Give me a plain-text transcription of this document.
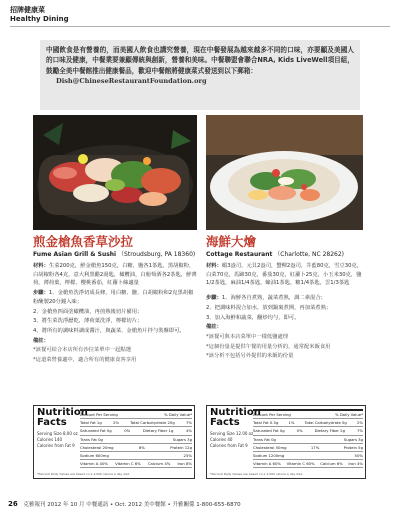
招牌健康菜
Healthy Dining
中國飲食是有營養的，而美國人飲食也講究營養，現在中餐發展為越來越多不同的口味，亦要顧及美國人的口味及健康，中餐業要兼顧傳統與創新，營養和美味。中餐聯盟會聯合NRA, Kids LiveWell項目組，鼓勵全美中餐館推出健康餐品，歡迎中餐館將健康菜式發送到以下郵箱：
Dish@ChineseRestaurantFoundation.org
煎金槍魚香草沙拉
Fume Asian Grill & Sushi （Stroudsburg, PA 18360)
海鮮大燴
Cottage Restaurant （Charlotte, NC 28262)

材料：生菜200克，鮮金槍魚150克，白糖，鹽各1茶匙，黑胡椒粉，白胡椒粉各4克，意大利黑醋2湯匙，橄欖油，白葡萄酒各2茶匙，鮮薄荷，薄荷葉，檸檬，櫻桃番茄，紅蘿卜絲適量

步驟：1、金槍魚洗淨切成長條，用白糖、鹽、白胡椒粉和2克黑胡椒粉醃製20分鐘入味；

2、金槍魚四面塗橄欖油，再煎熟後切片備用；

3、將生菜洗淨瀝乾，薄荷葉洗淨，檸檬切片；

4、將所有的調味料調成醬汁，與蔬菜、金槍魚片拌勻裝盤即可。

備註：

*該餐可結合本店所有沙拉菜單中一起點選

*這道菜營養適中，適合所有的健康食客享用

材料：蝦3盎司，元貝2盎司，蟹柳2盎司，芥藍80克，雪豆30克，白菜70克，馬蹄30克，番茄30克，紅蘿卜25克，小玉米30克，鹽1/2茶匙，麻油1/4茶匙，蠔油1茶匙，糖1/4茶匙，雲1/3茶匙

步驟：1、海鮮各自煮熟，蔬菜煮熟，調二素混合；

2、把調味料混合加水，放到鍋裏煮開，再加菜煮熟；

3、加入海鮮和蔬菜，翻炒均勻，即可。

備註：

*該餐可與本店菜單中一樣低鹽處理

*這個份量是提供午餐的用量分析的，通常配米飯食用

*該分析不包括另外提供的米飯的份量

Nutrition
Facts
Serving Size 8.00 oz
Calories 140
Calories from Fat 9
Amount Per Serving	% Daily Value*
Total Fat 1g	2%	Total Carbohydrate 20g	7%
Saturated Fat 0g	0%	Dietary Fiber 1g	4%
Trans Fat 0g	Sugars 3g
Cholesterol 20mg	6%	Protein 12g
Sodium 600mg	25%
Vitamin A 40% Vitamin C 6% Calcium 4% Iron 8%
*Percent Daily Values are based on a 2,000 calorie a day diet.
Nutrition
Facts
Serving Size 12.00 oz
Calories 40
Calories from Fat 9
Amount Per Serving	% Daily Value*
Total Fat 0.5g	1%	Total Carbohydrate 5g	2%
Saturated Fat 0g	0%	Dietary Fiber 2g	7%
Trans Fat 0g	Sugars 3g
Cholesterol 50mg	17%	Protein 5g
Sodium 1200mg	50%
Vitamin A 60% Vitamin C 60% Calcium 6% Iron 4%
*Percent Daily Values are based on a 2,000 calorie a day diet.
26 克雅報刊 2012 年 10 月 中餐通訊 • Oct. 2012 美中餐館 • 升雅關係 1-800-655-6870
